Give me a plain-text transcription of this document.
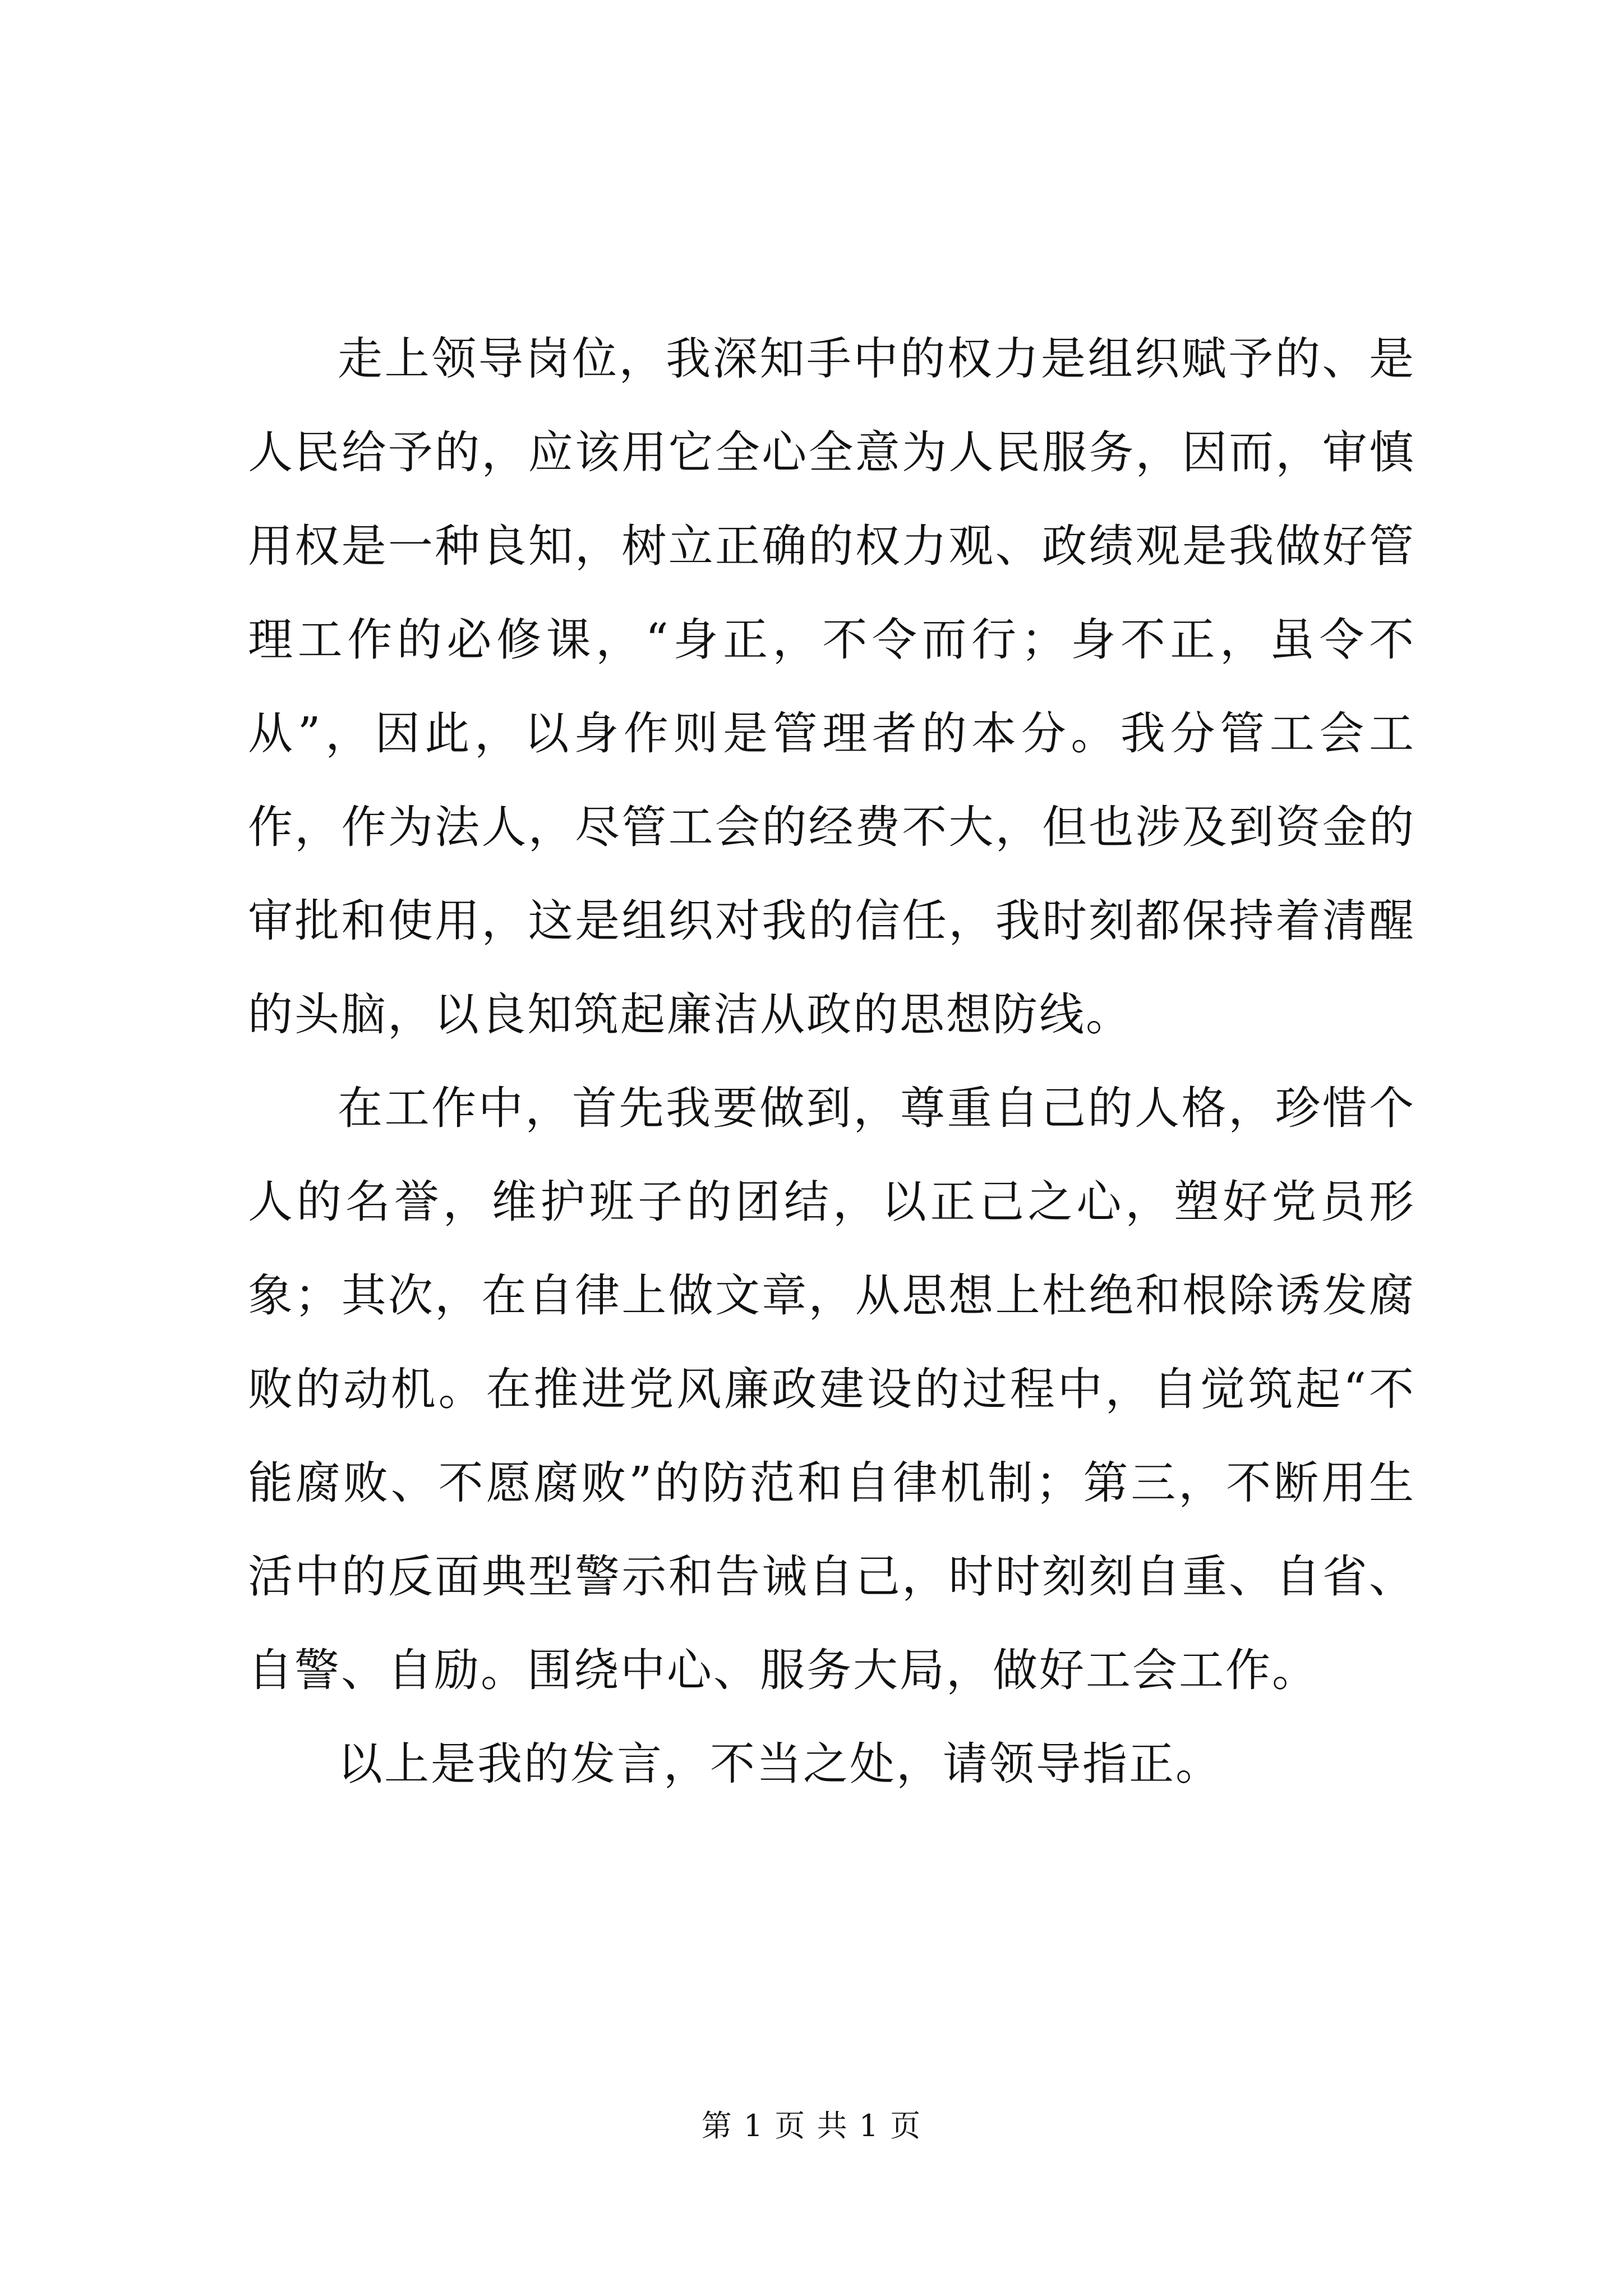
走上领导岗位，我深知手中的权力是组织赋予的、是人民给予的，应该用它全心全意为人民服务，因而，审慎用权是一种良知，树立正确的权力观、政绩观是我做好管理工作的必修课，“身正，不令而行；身不正，虽令不从”，因此，以身作则是管理者的本分。我分管工会工作，作为法人，尽管工会的经费不大，但也涉及到资金的审批和使用，这是组织对我的信任，我时刻都保持着清醒的头脑，以良知筑起廉洁从政的思想防线。

在工作中，首先我要做到，尊重自己的人格，珍惜个人的名誉，维护班子的团结，以正己之心，塑好党员形象；其次，在自律上做文章，从思想上杜绝和根除诱发腐败的动机。在推进党风廉政建设的过程中，自觉筑起“不能腐败、不愿腐败”的防范和自律机制；第三，不断用生活中的反面典型警示和告诫自己，时时刻刻自重、自省、自警、自励。围绕中心、服务大局，做好工会工作。

以上是我的发言，不当之处，请领导指正。

第 1 页 共 1 页
